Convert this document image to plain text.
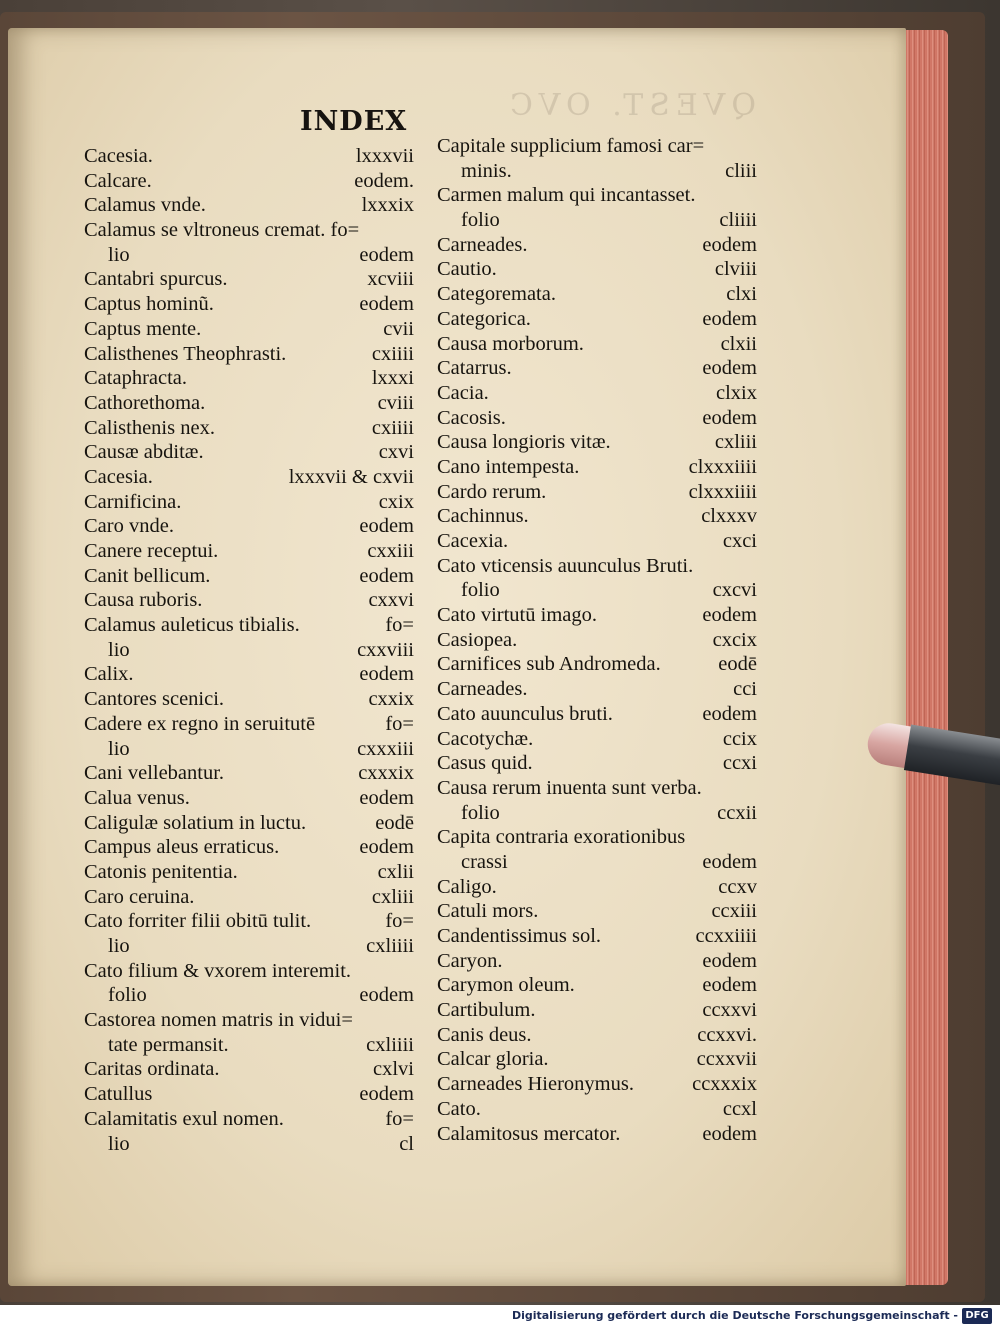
QVEST. OVC
INDEX
Cacesia.	lxxxvii
Calcare.	eodem.
Calamus vnde.	lxxxix
Calamus se vltroneus cremat. fo=
lio	eodem
Cantabri spurcus.	xcviii
Captus hominũ.	eodem
Captus mente.	cvii
Calisthenes Theophrasti.	cxiiii
Cataphracta.	lxxxi
Cathorethoma.	cviii
Calisthenis nex.	cxiiii
Causæ abditæ.	cxvi
Cacesia.	lxxxvii & cxvii
Carnificina.	cxix
Caro vnde.	eodem
Canere receptui.	cxxiii
Canit bellicum.	eodem
Causa ruboris.	cxxvi
Calamus auleticus tibialis.	fo=
lio	cxxviii
Calix.	eodem
Cantores scenici.	cxxix
Cadere ex regno in seruitutē	fo=
lio	cxxxiii
Cani vellebantur.	cxxxix
Calua venus.	eodem
Caligulæ solatium in luctu.	eodē
Campus aleus erraticus.	eodem
Catonis penitentia.	cxlii
Caro ceruina.	cxliii
Cato forriter filii obitū tulit.	fo=
lio	cxliiii
Cato filium & vxorem interemit.
folio	eodem
Castorea nomen matris in vidui=
tate permansit.	cxliiii
Caritas ordinata.	cxlvi
Catullus	eodem
Calamitatis exul nomen.	fo=
lio	cl
Capitale supplicium famosi car=
minis.	cliii
Carmen malum qui incantasset.
folio	cliiii
Carneades.	eodem
Cautio.	clviii
Categoremata.	clxi
Categorica.	eodem
Causa morborum.	clxii
Catarrus.	eodem
Cacia.	clxix
Cacosis.	eodem
Causa longioris vitæ.	cxliii
Cano intempesta.	clxxxiiii
Cardo rerum.	clxxxiiii
Cachinnus.	clxxxv
Cacexia.	cxci
Cato vticensis auunculus Bruti.
folio	cxcvi
Cato virtutū imago.	eodem
Casiopea.	cxcix
Carnifices sub Andromeda.	eodē
Carneades.	cci
Cato auunculus bruti.	eodem
Cacotychæ.	ccix
Casus quid.	ccxi
Causa rerum inuenta sunt verba.
folio	ccxii
Capita contraria exorationibus
crassi	eodem
Caligo.	ccxv
Catuli mors.	ccxiii
Candentissimus sol.	ccxxiiii
Caryon.	eodem
Carymon oleum.	eodem
Cartibulum.	ccxxvi
Canis deus.	ccxxvi.
Calcar gloria.	ccxxvii
Carneades Hieronymus.	ccxxxix
Cato.	ccxl
Calamitosus mercator.	eodem
Digitalisierung gefördert durch die Deutsche Forschungsgemeinschaft - DFG
